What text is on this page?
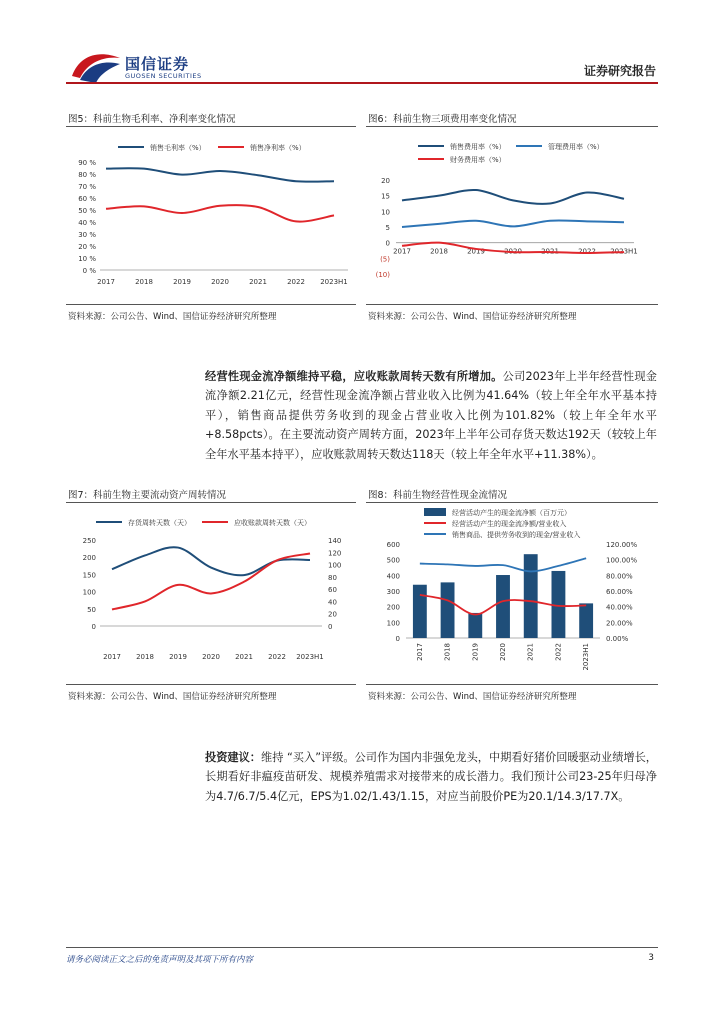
国信证券
GUOSEN SECURITIES	证券研究报告
图5：科前生物毛利率、净利率变化情况
0 %
10 %
20 %
30 %
40 %
50 %
60 %
70 %
80 %
90 %
2017	2018	2019	2020	2021	2022 2023H1
销售毛利率（%）	销售净利率（%）
资料来源：公司公告、Wind、国信证券经济研究所整理
图6：科前生物三项费用率变化情况
(10)
(5)
0
5
10
15
20
2017	2018	2019	2020	2021	2022 2023H1
销售费用率（%）	管理费用率（%）
财务费用率（%）
资料来源：公司公告、Wind、国信证券经济研究所整理
经营性现金流净额维持平稳，应收账款周转天数有所增加。公司2023年上半年经营性现金流净额2.21亿元，经营性现金流净额占营业收入比例为41.64%（较上年全年水平基本持平），销售商品提供劳务收到的现金占营业收入比例为101.82%（较上年全年水平+8.58pcts）。在主要流动资产周转方面，2023年上半年公司存货天数达192天（较较上年全年水平基本持平），应收账款周转天数达118天（较上年全年水平+11.38%）。
图7：科前生物主要流动资产周转情况
0
50
100
150
200
250
0
20
40
60
80
100
120
140
2017 2018 2019 2020 2021 2022 2023H1
存货周转天数（天）	应收账款周转天数（天）
资料来源：公司公告、Wind、国信证券经济研究所整理
图8：科前生物经营性现金流情况
0
100
200
300
400
500
600
0.00%
20.00%
40.00%
60.00%
80.00%
100.00%
120.00%
2017	2018	2019	2020	2021	2022	2023H1
经营活动产生的现金流净额（百万元）
经营活动产生的现金流净额/营业收入
销售商品、提供劳务收到的现金/营业收入
资料来源：公司公告、Wind、国信证券经济研究所整理
投资建议：维持 “买入”评级。公司作为国内非强免龙头，中期看好猪价回暖驱动业绩增长，长期看好非瘟疫苗研发、规模养殖需求对接带来的成长潜力。我们预计公司23-25年归母净为4.7/6.7/5.4亿元，EPS为1.02/1.43/1.15，对应当前股价PE为20.1/14.3/17.7X。
请务必阅读正文之后的免责声明及其项下所有内容	3
